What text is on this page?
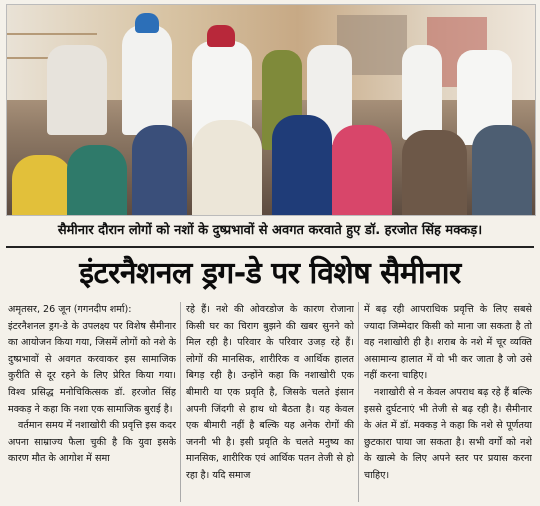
सैमीनार दौरान लोगों को नशों के दुष्प्रभावों से अवगत करवाते हुए डॉ. हरजोत सिंह मक्कड़।
इंटरनैशनल ड्रग-डे पर विशेष सैमीनार

अमृतसर, 26 जून (गगनदीप शर्मा):

इंटरनैशनल ड्रग-डे के उपलक्ष्य पर विशेष सैमीनार का आयोजन किया गया, जिसमें लोगों को नशे के दुष्प्रभावों से अवगत करवाकर इस सामाजिक कुरीति से दूर रहने के लिए प्रेरित किया गया। विश्व प्रसिद्ध मनोचिकित्सक डॉ. हरजोत सिंह मक्कड़ ने कहा कि नशा एक सामाजिक बुराई है।

वर्तमान समय में नशाखोरी की प्रवृत्ति इस कदर अपना साम्राज्य फैला चुकी है कि युवा इसके कारण मौत के आगोश में समा

रहे हैं। नशे की ओवरडोज के कारण रोजाना किसी घर का चिराग बुझने की खबर सुनने को मिल रही है। परिवार के परिवार उजड़ रहे हैं। लोगों की मानसिक, शारीरिक व आर्थिक हालत बिगड़ रही है। उन्होंने कहा कि नशाखोरी एक बीमारी या एक प्रवृति है, जिसके चलते इंसान अपनी जिंदगी से हाथ धो बैठता है। यह केवल एक बीमारी नहीं है बल्कि यह अनेक रोगों की जननी भी है। इसी प्रवृति के चलते मनुष्य का मानसिक, शारीरिक एवं आर्थिक पतन तेजी से हो रहा है। यदि समाज

में बढ़ रही आपराधिक प्रवृत्ति के लिए सबसे ज्यादा जिम्मेदार किसी को माना जा सकता है तो वह नशाखोरी ही है। शराब के नशे में चूर व्यक्ति असामान्य हालात में वो भी कर जाता है जो उसे नहीं करना चाहिए।

नशाखोरी से न केवल अपराध बढ़ रहे हैं बल्कि इससे दुर्घटनाएं भी तेजी से बढ़ रही है। सैमीनार के अंत में डॉ. मक्कड़ ने कहा कि नशे से पूर्णतया छुटकारा पाया जा सकता है। सभी वर्गों को नशे के खात्मे के लिए अपने स्तर पर प्रयास करना चाहिए।
